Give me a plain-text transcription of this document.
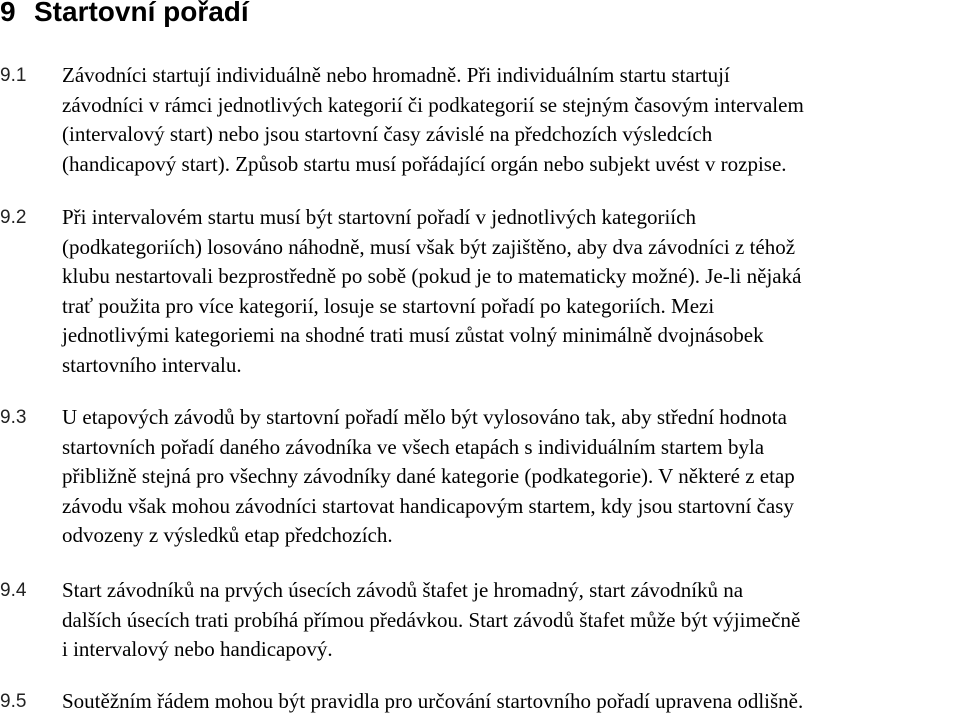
9 Startovní pořadí
9.1 Závodníci startují individuálně nebo hromadně. Při individuálním startu startují
závodníci v rámci jednotlivých kategorií či podkategorií se stejným časovým intervalem
(intervalový start) nebo jsou startovní časy závislé na předchozích výsledcích
(handicapový start). Způsob startu musí pořádající orgán nebo subjekt uvést v rozpise.
9.2 Při intervalovém startu musí být startovní pořadí v jednotlivých kategoriích
(podkategoriích) losováno náhodně, musí však být zajištěno, aby dva závodníci z téhož
klubu nestartovali bezprostředně po sobě (pokud je to matematicky možné). Je-li nějaká
trať použita pro více kategorií, losuje se startovní pořadí po kategoriích. Mezi
jednotlivými kategoriemi na shodné trati musí zůstat volný minimálně dvojnásobek
startovního intervalu.
9.3 U etapových závodů by startovní pořadí mělo být vylosováno tak, aby střední hodnota
startovních pořadí daného závodníka ve všech etapách s individuálním startem byla
přibližně stejná pro všechny závodníky dané kategorie (podkategorie). V některé z etap
závodu však mohou závodníci startovat handicapovým startem, kdy jsou startovní časy
odvozeny z výsledků etap předchozích.
9.4 Start závodníků na prvých úsecích závodů štafet je hromadný, start závodníků na
dalších úsecích trati probíhá přímou předávkou. Start závodů štafet může být výjimečně
i intervalový nebo handicapový.
9.5 Soutěžním řádem mohou být pravidla pro určování startovního pořadí upravena odlišně.
